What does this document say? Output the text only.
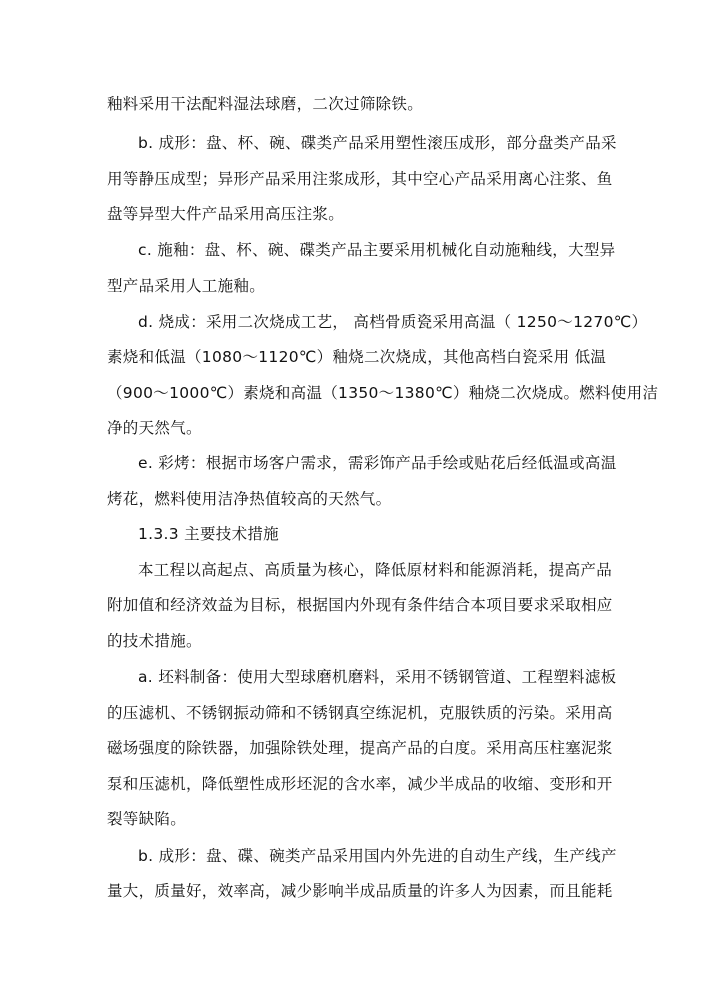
釉料采用干法配料湿法球磨，二次过筛除铁。
b. 成形：盘、杯、碗、碟类产品采用塑性滚压成形，部分盘类产品采
用等静压成型；异形产品采用注浆成形，其中空心产品采用离心注浆、鱼
盘等异型大件产品采用高压注浆。
c. 施釉：盘、杯、碗、碟类产品主要采用机械化自动施釉线，大型异
型产品采用人工施釉。
d. 烧成：采用二次烧成工艺， 高档骨质瓷采用高温（ 1250～1270℃）
素烧和低温（1080～1120℃）釉烧二次烧成，其他高档白瓷采用 低温
（900～1000℃）素烧和高温（1350～1380℃）釉烧二次烧成。燃料使用洁
净的天然气。
e. 彩烤：根据市场客户需求，需彩饰产品手绘或贴花后经低温或高温
烤花，燃料使用洁净热值较高的天然气。
1.3.3 主要技术措施
本工程以高起点、高质量为核心，降低原材料和能源消耗，提高产品
附加值和经济效益为目标，根据国内外现有条件结合本项目要求采取相应
的技术措施。
a. 坯料制备：使用大型球磨机磨料，采用不锈钢管道、工程塑料滤板
的压滤机、不锈钢振动筛和不锈钢真空练泥机，克服铁质的污染。采用高
磁场强度的除铁器，加强除铁处理，提高产品的白度。采用高压柱塞泥浆
泵和压滤机，降低塑性成形坯泥的含水率，减少半成品的收缩、变形和开
裂等缺陷。
b. 成形：盘、碟、碗类产品采用国内外先进的自动生产线，生产线产
量大，质量好，效率高，减少影响半成品质量的许多人为因素，而且能耗
